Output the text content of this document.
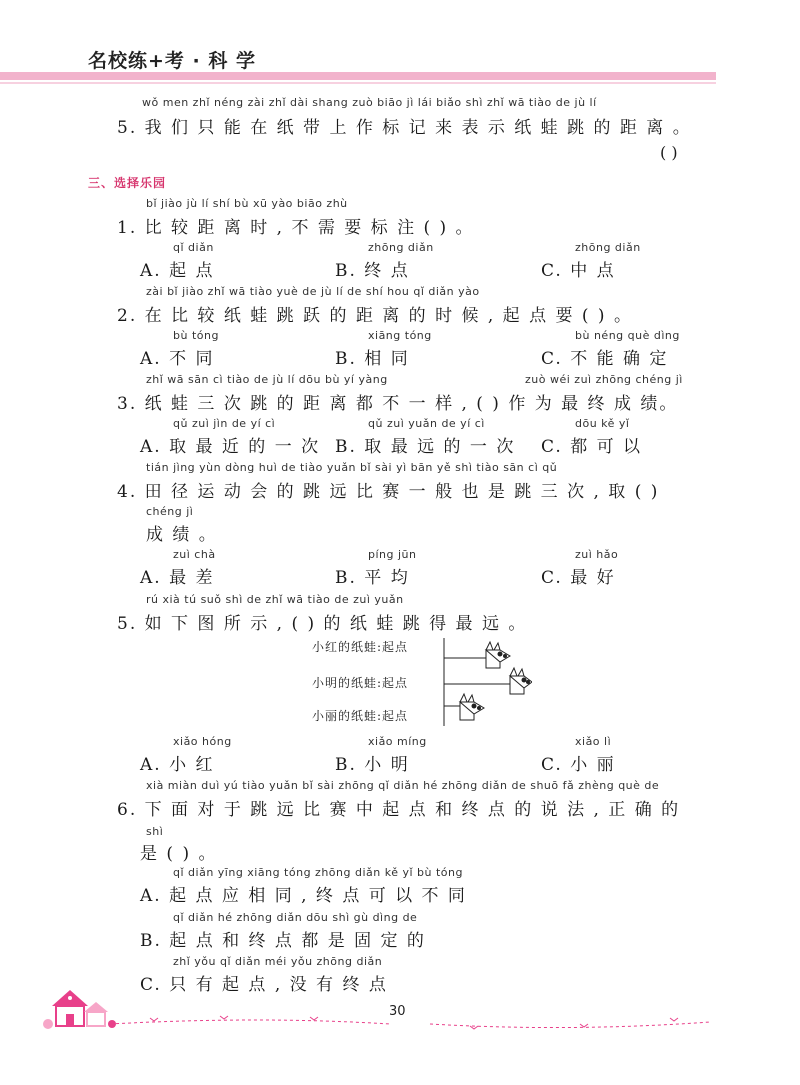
名校练+考 · 科 学
wǒ men zhǐ néng zài zhǐ dài shang zuò biāo jì lái biǎo shì zhǐ wā tiào de jù lí
5. 我 们 只 能 在 纸 带 上 作 标 记 来 表 示 纸 蛙 跳 的 距 离 。
( )
三、选择乐园
bǐ jiào jù lí shí bù xū yào biāo zhù
1. 比 较 距 离 时 , 不 需 要 标 注 ( ) 。
qǐ diǎn
A. 起 点
zhōng diǎn
B. 终 点
zhōng diǎn
C. 中 点
zài bǐ jiào zhǐ wā tiào yuè de jù lí de shí hou qǐ diǎn yào
2. 在 比 较 纸 蛙 跳 跃 的 距 离 的 时 候 , 起 点 要 ( ) 。
bù tóng
A. 不 同
xiāng tóng
B. 相 同
bù néng què dìng
C. 不 能 确 定
zhǐ wā sān cì tiào de jù lí dōu bù yí yàng	zuò wéi zuì zhōng chéng jì
3. 纸 蛙 三 次 跳 的 距 离 都 不 一 样 , ( ) 作 为 最 终 成 绩。
qǔ zuì jìn de yí cì
A. 取 最 近 的 一 次
qǔ zuì yuǎn de yí cì
B. 取 最 远 的 一 次
dōu kě yǐ
C. 都 可 以
tián jìng yùn dòng huì de tiào yuǎn bǐ sài yì bān yě shì tiào sān cì qǔ
4. 田 径 运 动 会 的 跳 远 比 赛 一 般 也 是 跳 三 次 , 取 ( )
chéng jì
成 绩 。
zuì chà
A. 最 差
píng jūn
B. 平 均
zuì hǎo
C. 最 好
rú xià tú suǒ shì de zhǐ wā tiào de zuì yuǎn
5. 如 下 图 所 示 , ( ) 的 纸 蛙 跳 得 最 远 。
小红的纸蛙:起点
小明的纸蛙:起点
小丽的纸蛙:起点
xiǎo hóng
A. 小 红
xiǎo míng
B. 小 明
xiǎo lì
C. 小 丽
xià miàn duì yú tiào yuǎn bǐ sài zhōng qǐ diǎn hé zhōng diǎn de shuō fǎ zhèng què de
6. 下 面 对 于 跳 远 比 赛 中 起 点 和 终 点 的 说 法 , 正 确 的
shì
是 ( ) 。
qǐ diǎn yīng xiāng tóng zhōng diǎn kě yǐ bù tóng
A. 起 点 应 相 同 , 终 点 可 以 不 同
qǐ diǎn hé zhōng diǎn dōu shì gù dìng de
B. 起 点 和 终 点 都 是 固 定 的
zhǐ yǒu qǐ diǎn méi yǒu zhōng diǎn
C. 只 有 起 点 , 没 有 终 点
30
